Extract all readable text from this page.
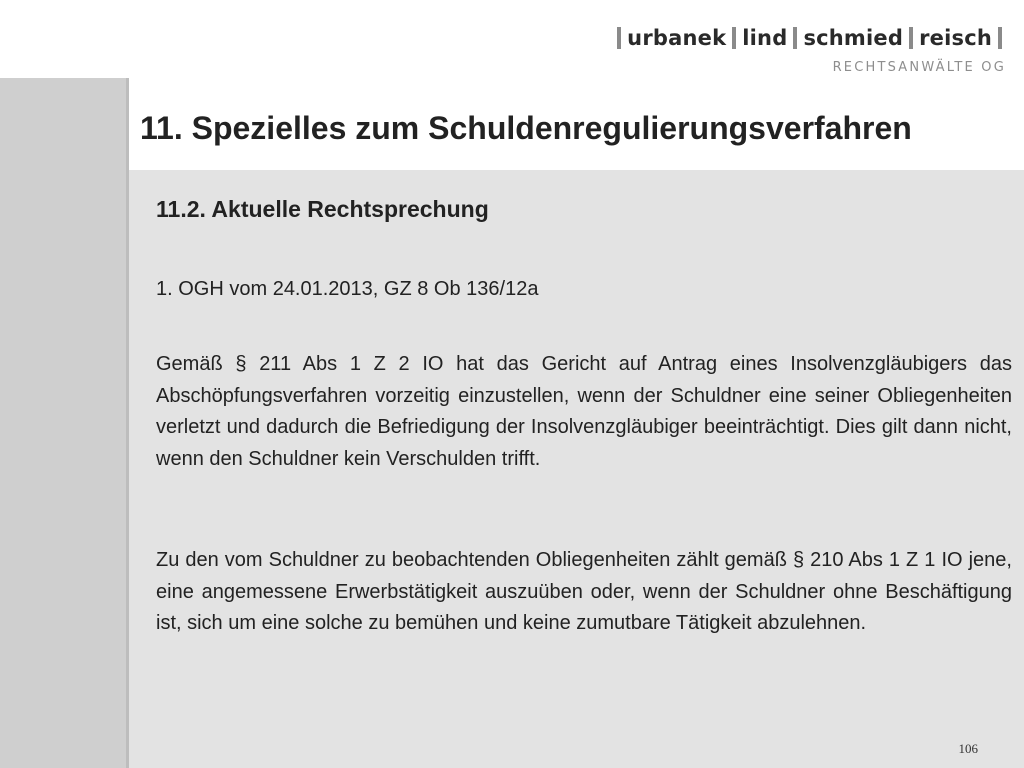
urbanek lind schmied reisch
RECHTSANWÄLTE OG
11. Spezielles zum Schuldenregulierungsverfahren
11.2. Aktuelle Rechtsprechung

1. OGH vom 24.01.2013, GZ 8 Ob 136/12a

Gemäß § 211 Abs 1 Z 2 IO hat das Gericht auf Antrag eines Insolvenzgläubigers das Abschöpfungsverfahren vorzeitig einzustellen, wenn der Schuldner eine seiner Obliegenheiten verletzt und dadurch die Befriedigung der Insolvenzgläubiger beeinträchtigt. Dies gilt dann nicht, wenn den Schuldner kein Verschulden trifft.

Zu den vom Schuldner zu beobachtenden Obliegenheiten zählt gemäß § 210 Abs 1 Z 1 IO jene, eine angemessene Erwerbstätigkeit auszuüben oder, wenn der Schuldner ohne Beschäftigung ist, sich um eine solche zu bemühen und keine zumutbare Tätigkeit abzulehnen.

106
